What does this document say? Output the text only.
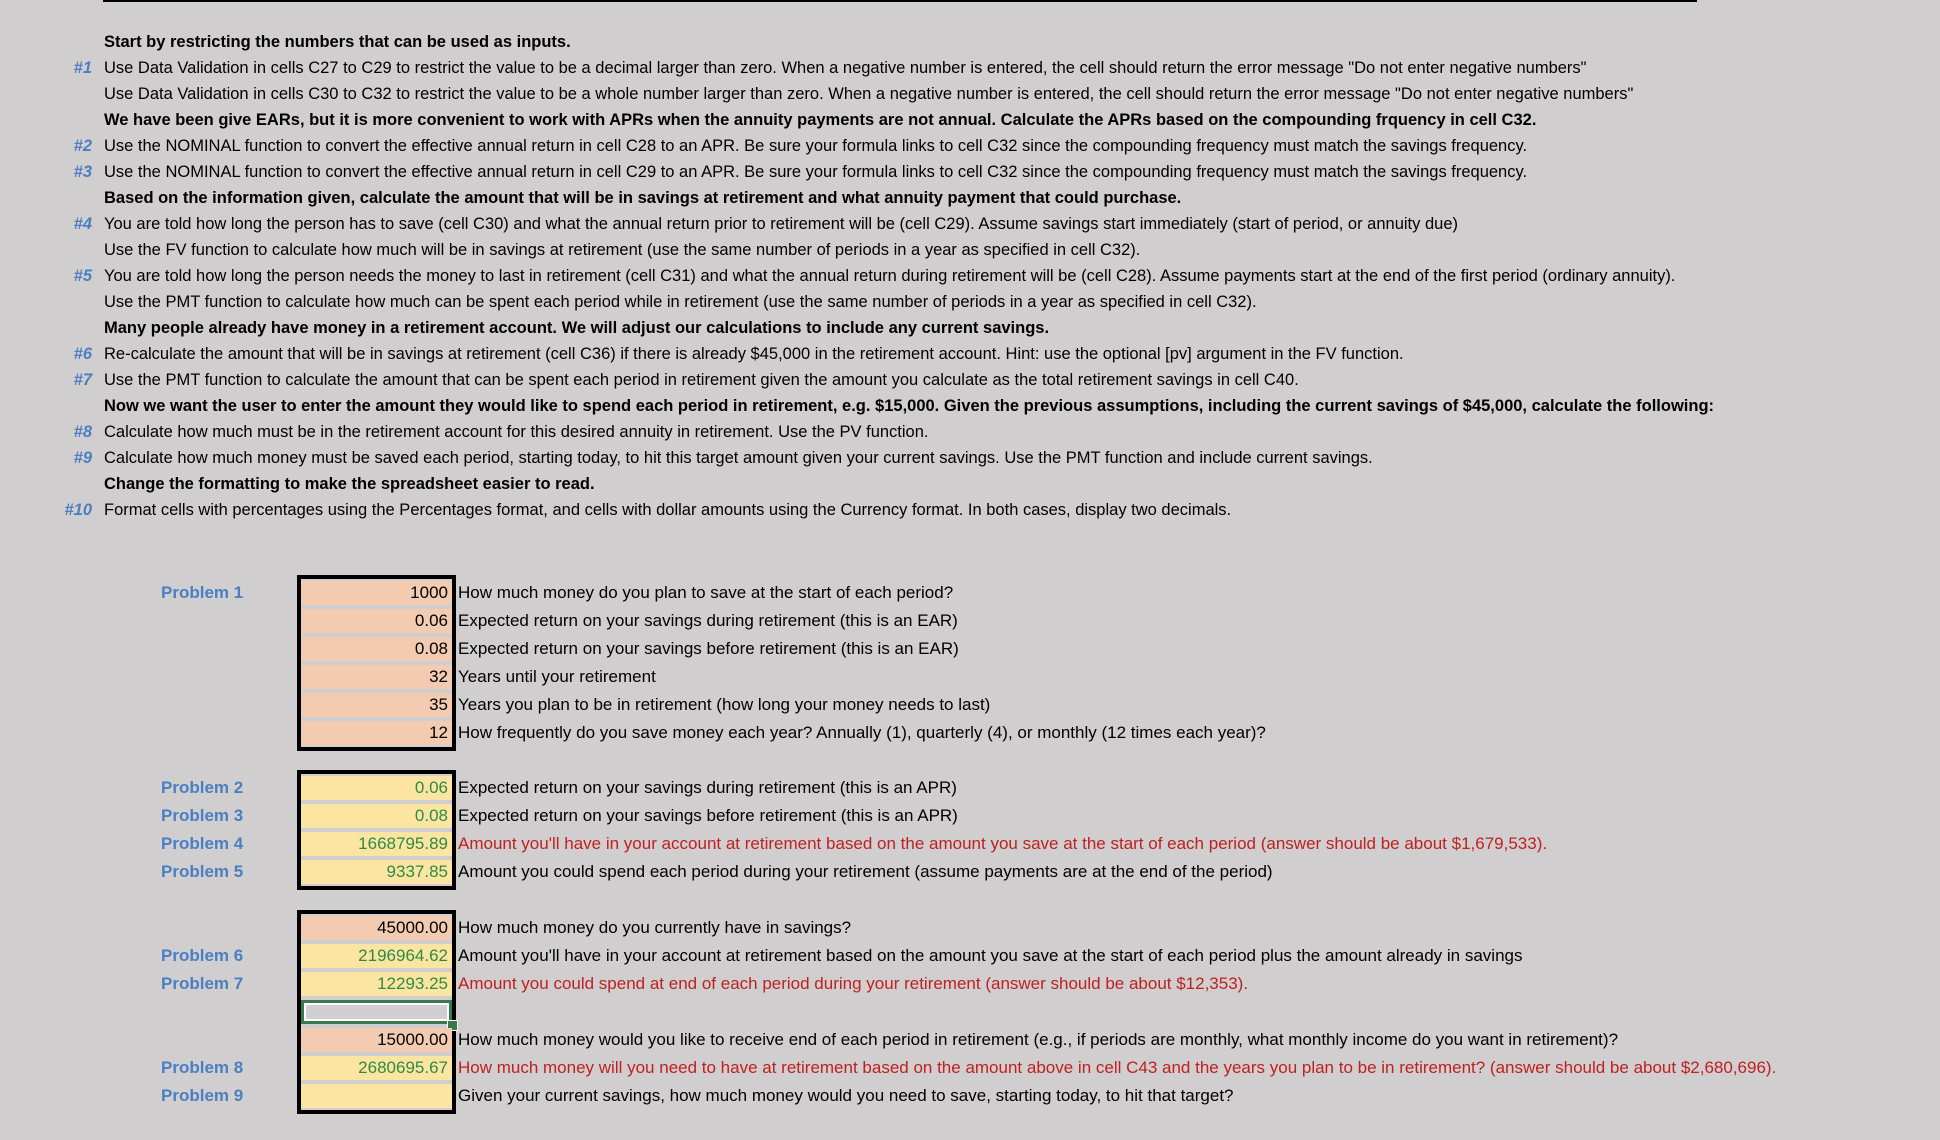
Start by restricting the numbers that can be used as inputs.
#1 Use Data Validation in cells C27 to C29 to restrict the value to be a decimal larger than zero. When a negative number is entered, the cell should return the error message "Do not enter negative numbers"
Use Data Validation in cells C30 to C32 to restrict the value to be a whole number larger than zero. When a negative number is entered, the cell should return the error message "Do not enter negative numbers"
We have been give EARs, but it is more convenient to work with APRs when the annuity payments are not annual. Calculate the APRs based on the compounding frquency in cell C32.
#2 Use the NOMINAL function to convert the effective annual return in cell C28 to an APR. Be sure your formula links to cell C32 since the compounding frequency must match the savings frequency.
#3 Use the NOMINAL function to convert the effective annual return in cell C29 to an APR. Be sure your formula links to cell C32 since the compounding frequency must match the savings frequency.
Based on the information given, calculate the amount that will be in savings at retirement and what annuity payment that could purchase.
#4 You are told how long the person has to save (cell C30) and what the annual return prior to retirement will be (cell C29). Assume savings start immediately (start of period, or annuity due)
Use the FV function to calculate how much will be in savings at retirement (use the same number of periods in a year as specified in cell C32).
#5 You are told how long the person needs the money to last in retirement (cell C31) and what the annual return during retirement will be (cell C28). Assume payments start at the end of the first period (ordinary annuity).
Use the PMT function to calculate how much can be spent each period while in retirement (use the same number of periods in a year as specified in cell C32).
Many people already have money in a retirement account. We will adjust our calculations to include any current savings.
#6 Re-calculate the amount that will be in savings at retirement (cell C36) if there is already $45,000 in the retirement account. Hint: use the optional [pv] argument in the FV function.
#7 Use the PMT function to calculate the amount that can be spent each period in retirement given the amount you calculate as the total retirement savings in cell C40.
Now we want the user to enter the amount they would like to spend each period in retirement, e.g. $15,000. Given the previous assumptions, including the current savings of $45,000, calculate the following:
#8 Calculate how much must be in the retirement account for this desired annuity in retirement. Use the PV function.
#9 Calculate how much money must be saved each period, starting today, to hit this target amount given your current savings. Use the PMT function and include current savings.
Change the formatting to make the spreadsheet easier to read.
#10 Format cells with percentages using the Percentages format, and cells with dollar amounts using the Currency format. In both cases, display two decimals.
Problem 1	1000 How much money do you plan to save at the start of each period?
0.06 Expected return on your savings during retirement (this is an EAR)
0.08 Expected return on your savings before retirement (this is an EAR)
32 Years until your retirement
35 Years you plan to be in retirement (how long your money needs to last)
12 How frequently do you save money each year? Annually (1), quarterly (4), or monthly (12 times each year)?
Problem 2	0.06 Expected return on your savings during retirement (this is an APR)
Problem 3	0.08 Expected return on your savings before retirement (this is an APR)
Problem 4	1668795.89 Amount you'll have in your account at retirement based on the amount you save at the start of each period (answer should be about $1,679,533).
Problem 5	9337.85 Amount you could spend each period during your retirement (assume payments are at the end of the period)
45000.00 How much money do you currently have in savings?
Problem 6	2196964.62 Amount you'll have in your account at retirement based on the amount you save at the start of each period plus the amount already in savings
Problem 7	12293.25 Amount you could spend at end of each period during your retirement (answer should be about $12,353).
15000.00 How much money would you like to receive end of each period in retirement (e.g., if periods are monthly, what monthly income do you want in retirement)?
Problem 8	2680695.67 How much money will you need to have at retirement based on the amount above in cell C43 and the years you plan to be in retirement? (answer should be about $2,680,696).
Problem 9	Given your current savings, how much money would you need to save, starting today, to hit that target?
